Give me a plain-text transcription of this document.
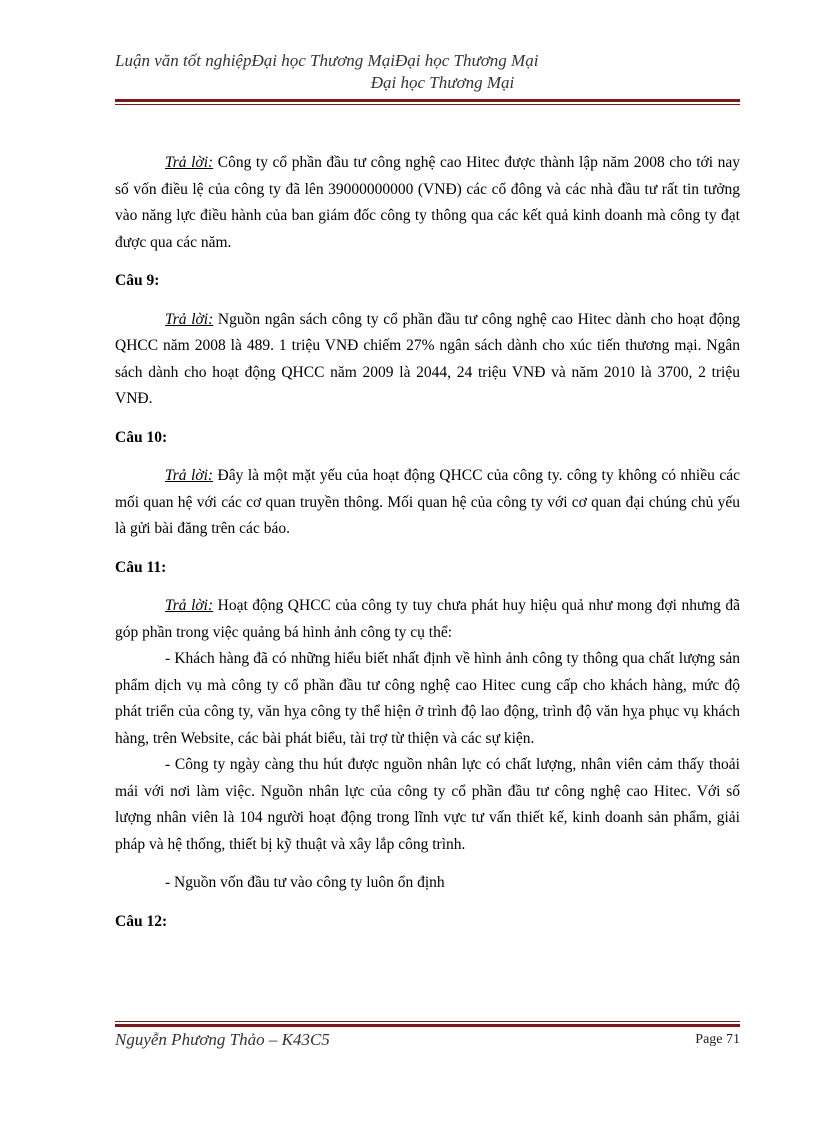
Luận văn tốt nghiệpĐại học Thương MạiĐại học Thương Mại
Đại học Thương Mại

Trả lời: Công ty cổ phần đầu tư công nghệ cao Hitec được thành lập năm 2008 cho tới nay số vốn điều lệ của công ty đã lên 39000000000 (VNĐ) các cổ đông và các nhà đầu tư rất tin tưởng vào năng lực điều hành của ban giám đốc công ty thông qua các kết quả kinh doanh mà công ty đạt được qua các năm.

Câu 9:

Trả lời: Nguồn ngân sách công ty cổ phần đầu tư công nghệ cao Hitec dành cho hoạt động QHCC năm 2008 là 489. 1 triệu VNĐ chiếm 27% ngân sách dành cho xúc tiến thương mại. Ngân sách dành cho hoạt động QHCC năm 2009 là 2044, 24 triệu VNĐ và năm 2010 là 3700, 2 triệu VNĐ.

Câu 10:

Trả lời: Đây là một mặt yếu của hoạt động QHCC của công ty. công ty không có nhiều các mối quan hệ với các cơ quan truyền thông. Mối quan hệ của công ty với cơ quan đại chúng chủ yếu là gửi bài đăng trên các báo.

Câu 11:

Trả lời: Hoạt động QHCC của công ty tuy chưa phát huy hiệu quả như mong đợi nhưng đã góp phần trong việc quảng bá hình ảnh công ty cụ thể:

- Khách hàng đã có những hiểu biết nhất định về hình ảnh công ty thông qua chất lượng sản phẩm dịch vụ mà công ty cổ phần đầu tư công nghệ cao Hitec cung cấp cho khách hàng, mức độ phát triển của công ty, văn hỵa công ty thể hiện ở trình độ lao động, trình độ văn hỵa phục vụ khách hàng, trên Website, các bài phát biểu, tài trợ từ thiện và các sự kiện.

- Công ty ngày càng thu hút được nguồn nhân lực có chất lượng, nhân viên cảm thấy thoải mái với nơi làm việc. Nguồn nhân lực của công ty cổ phần đầu tư công nghệ cao Hitec. Với số lượng nhân viên là 104 người hoạt động trong lĩnh vực tư vấn thiết kế, kinh doanh sản phẩm, giải pháp và hệ thống, thiết bị kỹ thuật và xây lắp công trình.

- Nguồn vốn đầu tư vào công ty luôn ổn định

Câu 12:
Nguyễn Phương Thảo – K43C5	Page 71
